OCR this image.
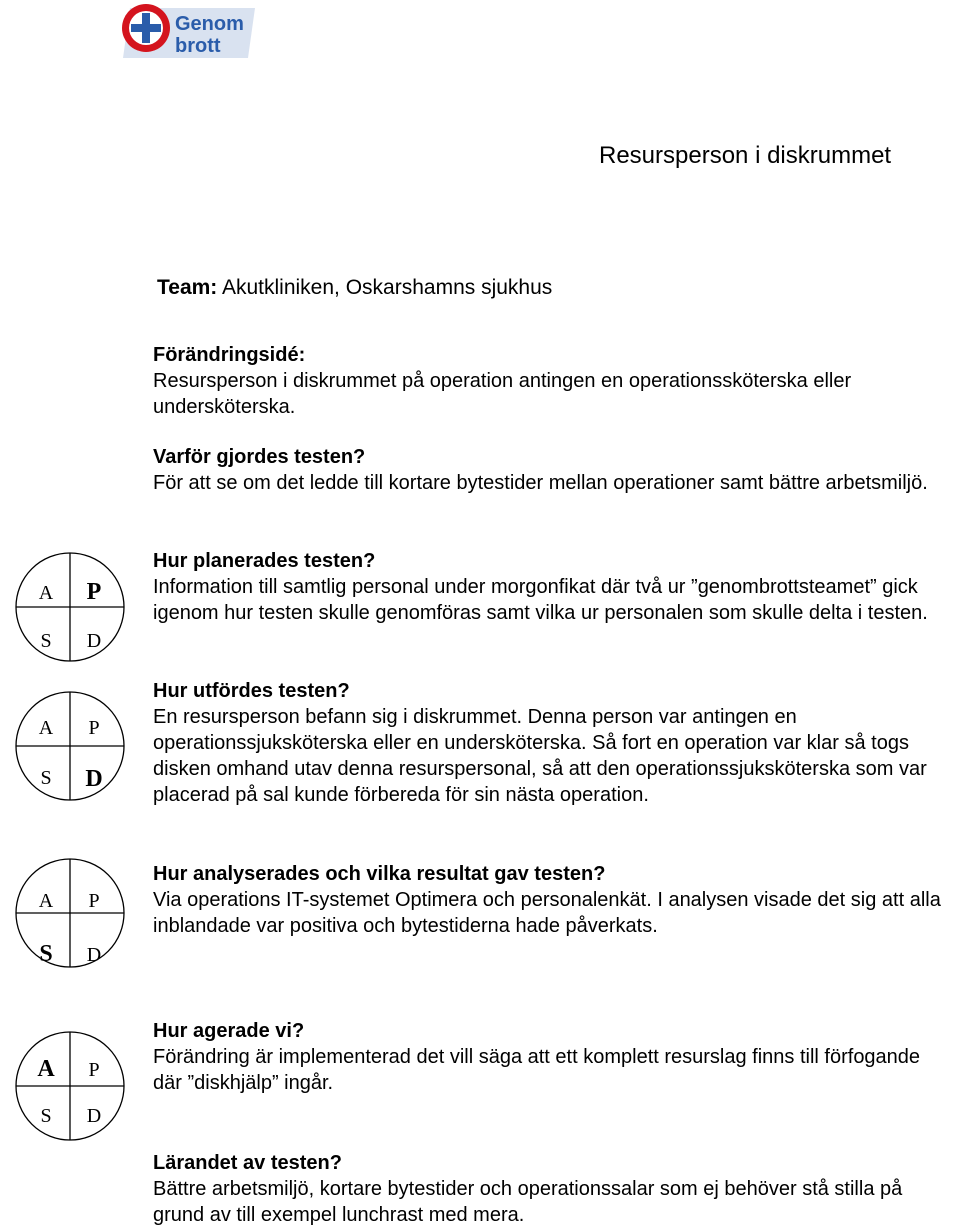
Genom
brott
Resursperson i diskrummet
Team: Akutkliniken, Oskarshamns sjukhus
Förändringsidé:
Resursperson i diskrummet på operation antingen en operationssköterska eller undersköterska.
Varför gjordes testen?
För att se om det ledde till kortare bytestider mellan operationer samt bättre arbetsmiljö.
Hur planerades testen?
Information till samtlig personal under morgonfikat där två ur ”genombrottsteamet” gick igenom hur testen skulle genomföras samt vilka ur personalen som skulle delta i testen.
Hur utfördes testen?
En resursperson befann sig i diskrummet. Denna person var antingen en operationssjuksköterska eller en undersköterska. Så fort en operation var klar så togs disken omhand utav denna resurspersonal, så att den operationssjuksköterska som var placerad på sal kunde förbereda för sin nästa operation.
Hur analyserades och vilka resultat gav testen?
Via operations IT-systemet Optimera och personalenkät. I analysen visade det sig att alla inblandade var positiva och bytestiderna hade påverkats.
Hur agerade vi?
Förändring är implementerad det vill säga att ett komplett resurslag finns till förfogande där ”diskhjälp” ingår.
Lärandet av testen?
Bättre arbetsmiljö, kortare bytestider och operationssalar som ej behöver stå stilla på grund av till exempel lunchrast med mera.
A P
S D
A P
S D
A P
S D
A P
S D
